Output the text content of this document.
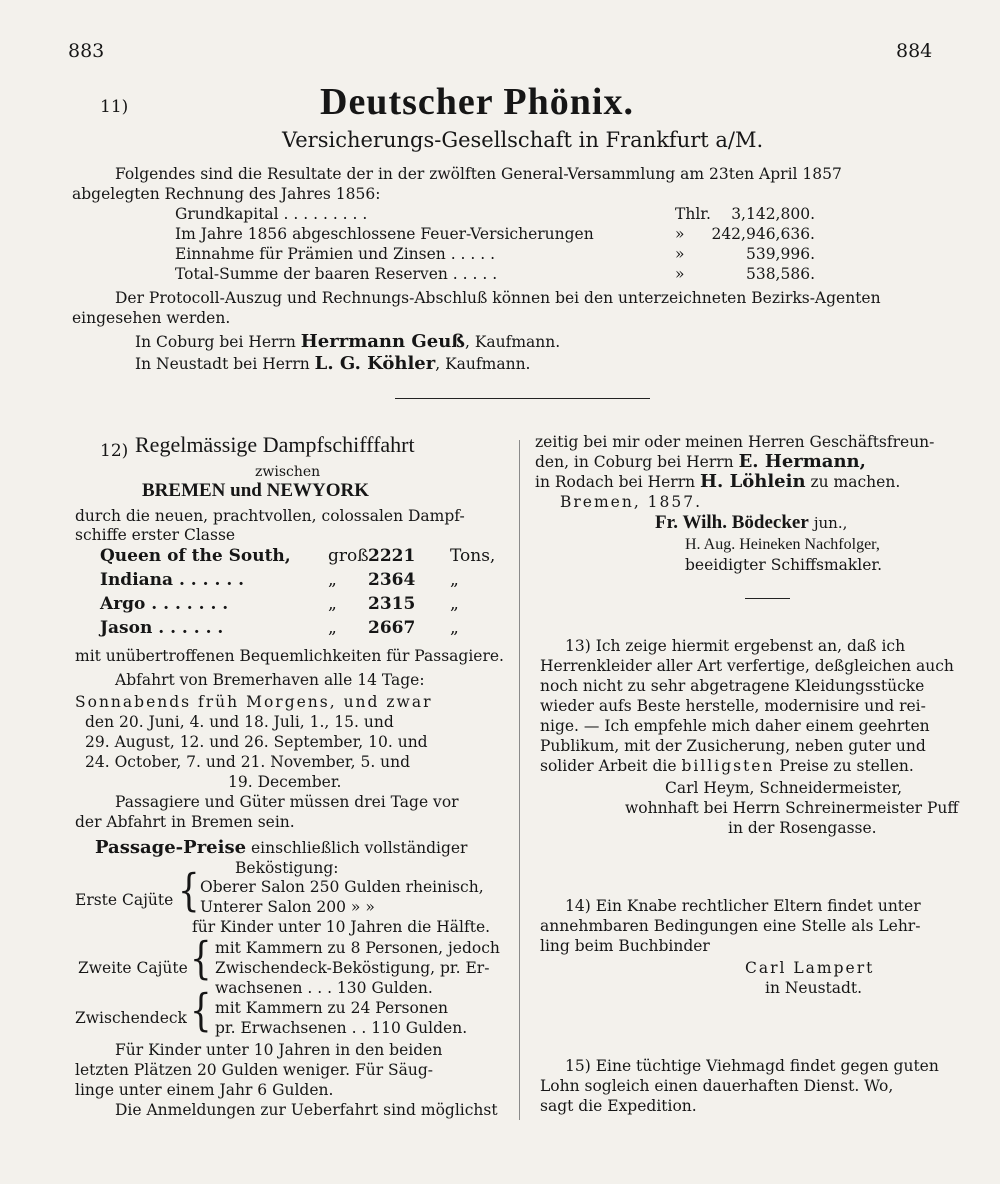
883	884
11)	Deutscher Phönix.
Versicherungs-Gesellschaft in Frankfurt a/M.
Folgendes sind die Resultate der in der zwölften General-Versammlung am 23ten April 1857
abgelegten Rechnung des Jahres 1856:
Grundkapital . . . . . . . . .	Thlr. 3,142,800.
Im Jahre 1856 abgeschlossene Feuer-Versicherungen	» 242,946,636.
Einnahme für Prämien und Zinsen . . . . .	»	539,996.
Total-Summe der baaren Reserven . . . . .	»	538,586.
Der Protocoll-Auszug und Rechnungs-Abschluß können bei den unterzeichneten Bezirks-Agenten
eingesehen werden.
In Coburg bei Herrn Herrmann Geuß, Kaufmann.
In Neustadt bei Herrn L. G. Köhler, Kaufmann.
12) Regelmässige Dampfschifffahrt
zwischen
BREMEN und NEWYORK
durch die neuen, prachtvollen, colossalen Dampf-
schiffe erster Classe
Queen of the South, groß 2221 Tons,
Indiana . . . . . .	„ 2364 „
Argo . . . . . . .	„ 2315 „
Jason . . . . . .	„ 2667 „
mit unübertroffenen Bequemlichkeiten für Passagiere.
Abfahrt von Bremerhaven alle 14 Tage:
Sonnabends früh Morgens, und zwar
den 20. Juni, 4. und 18. Juli, 1., 15. und
29. August, 12. und 26. September, 10. und
24. October, 7. und 21. November, 5. und
19. December.
Passagiere und Güter müssen drei Tage vor
der Abfahrt in Bremen sein.
Passage-Preise einschließlich vollständiger
Beköstigung:
Erste Cajüte { Oberer Salon 250 Gulden rheinisch,
Unterer Salon 200 » »
für Kinder unter 10 Jahren die Hälfte.
Zweite Cajüte { mit Kammern zu 8 Personen, jedoch
Zwischendeck-Beköstigung, pr. Er-
wachsenen . . . 130 Gulden.
Zwischendeck { mit Kammern zu 24 Personen
pr. Erwachsenen . . 110 Gulden.
Für Kinder unter 10 Jahren in den beiden
letzten Plätzen 20 Gulden weniger. Für Säug-
linge unter einem Jahr 6 Gulden.
Die Anmeldungen zur Ueberfahrt sind möglichst
zeitig bei mir oder meinen Herren Geschäftsfreun-
den, in Coburg bei Herrn E. Hermann,
in Rodach bei Herrn H. Löhlein zu machen.
Bremen, 1857.
Fr. Wilh. Bödecker jun.,
H. Aug. Heineken Nachfolger,
beeidigter Schiffsmakler.
13) Ich zeige hiermit ergebenst an, daß ich
Herrenkleider aller Art verfertige, deßgleichen auch
noch nicht zu sehr abgetragene Kleidungsstücke
wieder aufs Beste herstelle, modernisire und rei-
nige. — Ich empfehle mich daher einem geehrten
Publikum, mit der Zusicherung, neben guter und
solider Arbeit die billigsten Preise zu stellen.
Carl Heym, Schneidermeister,
wohnhaft bei Herrn Schreinermeister Puff
in der Rosengasse.
14) Ein Knabe rechtlicher Eltern findet unter
annehmbaren Bedingungen eine Stelle als Lehr-
ling beim Buchbinder
Carl Lampert
in Neustadt.
15) Eine tüchtige Viehmagd findet gegen guten
Lohn sogleich einen dauerhaften Dienst. Wo,
sagt die Expedition.
